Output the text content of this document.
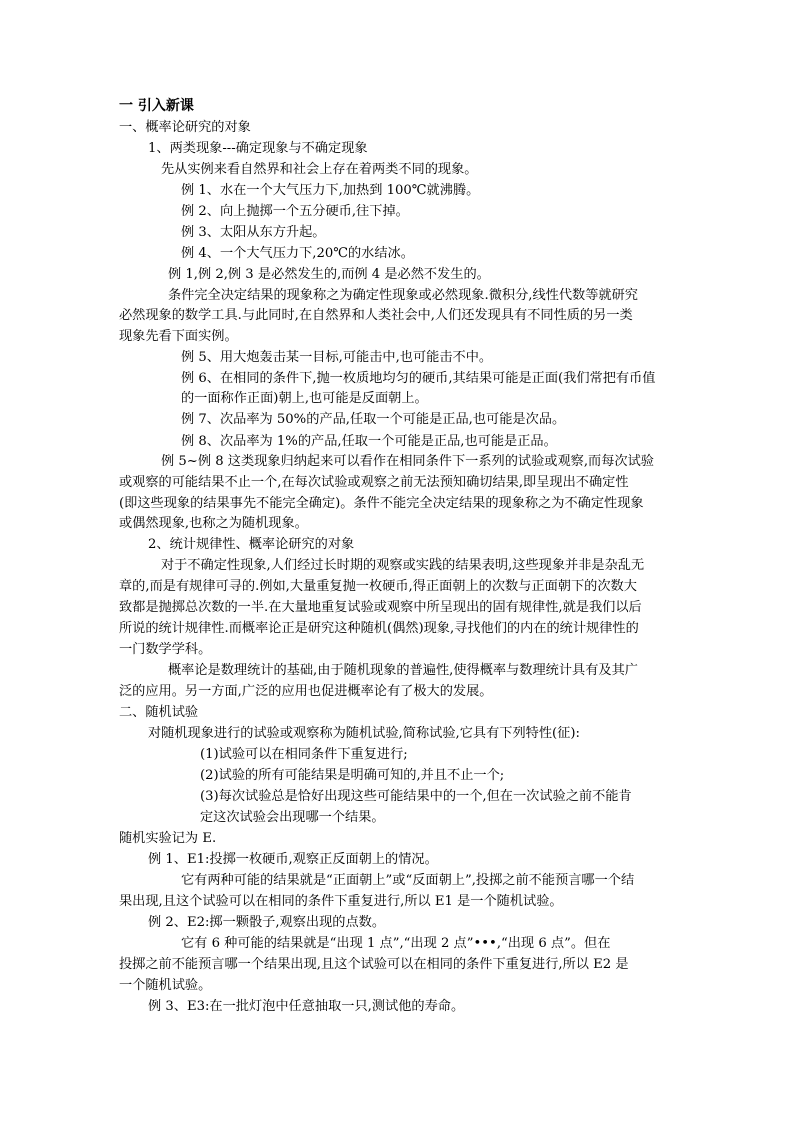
一 引入新课
一、概率论研究的对象
1、两类现象---确定现象与不确定现象
先从实例来看自然界和社会上存在着两类不同的现象。
例 1、水在一个大气压力下,加热到 100℃就沸腾。
例 2、向上抛掷一个五分硬币,往下掉。
例 3、太阳从东方升起。
例 4、一个大气压力下,20℃的水结冰。
例 1,例 2,例 3 是必然发生的,而例 4 是必然不发生的。
条件完全决定结果的现象称之为确定性现象或必然现象.微积分,线性代数等就研究
必然现象的数学工具.与此同时,在自然界和人类社会中,人们还发现具有不同性质的另一类
现象先看下面实例。
例 5、用大炮轰击某一目标,可能击中,也可能击不中。
例 6、在相同的条件下,抛一枚质地均匀的硬币,其结果可能是正面(我们常把有币值
的一面称作正面)朝上,也可能是反面朝上。
例 7、次品率为 50%的产品,任取一个可能是正品,也可能是次品。
例 8、次品率为 1%的产品,任取一个可能是正品,也可能是正品。
例 5~例 8 这类现象归纳起来可以看作在相同条件下一系列的试验或观察,而每次试验
或观察的可能结果不止一个,在每次试验或观察之前无法预知确切结果,即呈现出不确定性
(即这些现象的结果事先不能完全确定)。条件不能完全决定结果的现象称之为不确定性现象
或偶然现象,也称之为随机现象。
2、统计规律性、概率论研究的对象
对于不确定性现象,人们经过长时期的观察或实践的结果表明,这些现象并非是杂乱无
章的,而是有规律可寻的.例如,大量重复抛一枚硬币,得正面朝上的次数与正面朝下的次数大
致都是抛掷总次数的一半.在大量地重复试验或观察中所呈现出的固有规律性,就是我们以后
所说的统计规律性.而概率论正是研究这种随机(偶然)现象,寻找他们的内在的统计规律性的
一门数学学科。
概率论是数理统计的基础,由于随机现象的普遍性,使得概率与数理统计具有及其广
泛的应用。另一方面,广泛的应用也促进概率论有了极大的发展。
二、随机试验
对随机现象进行的试验或观察称为随机试验,简称试验,它具有下列特性(征):
(1)试验可以在相同条件下重复进行;
(2)试验的所有可能结果是明确可知的,并且不止一个;
(3)每次试验总是恰好出现这些可能结果中的一个,但在一次试验之前不能肯
定这次试验会出现哪一个结果。
随机实验记为 E.
例 1、E1:投掷一枚硬币,观察正反面朝上的情况。
它有两种可能的结果就是“正面朝上”或“反面朝上”,投掷之前不能预言哪一个结
果出现,且这个试验可以在相同的条件下重复进行,所以 E1 是一个随机试验。
例 2、E2:掷一颗骰子,观察出现的点数。
它有 6 种可能的结果就是“出现 1 点”,“出现 2 点”•••,“出现 6 点”。但在
投掷之前不能预言哪一个结果出现,且这个试验可以在相同的条件下重复进行,所以 E2 是
一个随机试验。
例 3、E3:在一批灯泡中任意抽取一只,测试他的寿命。
